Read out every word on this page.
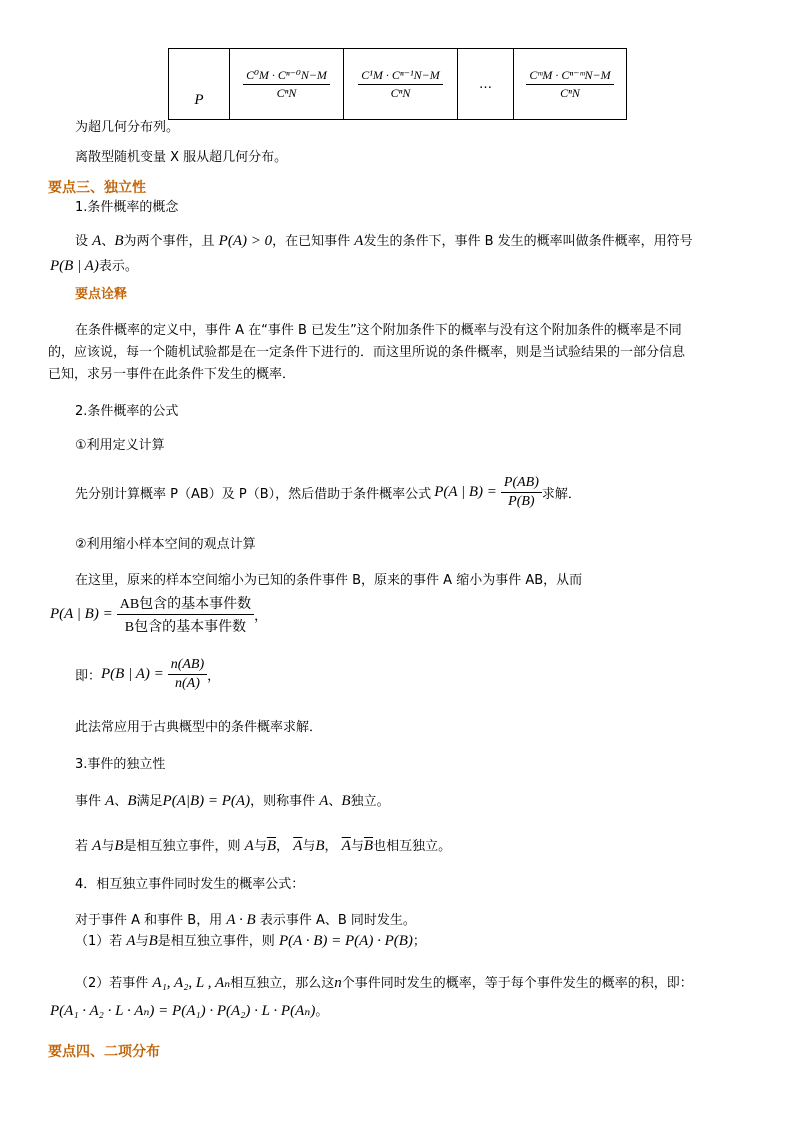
P	$\frac{\text{C⁰M · Cⁿ⁻⁰N−M}}{\text{CⁿN}}$	$\frac{\text{C¹M · Cⁿ⁻¹N−M}}{\text{CⁿN}}$	…	$\frac{\text{CᵐM · Cⁿ⁻ᵐN−M}}{\text{CⁿN}}$
为超几何分布列。
离散型随机变量 X 服从超几何分布。
要点三、独立性
1.条件概率的概念
设 A、B为两个事件，且 P(A) > 0，在已知事件 A发生的条件下，事件 B 发生的概率叫做条件概率，用符号
P(B | A)表示。
要点诠释
在条件概率的定义中，事件 A 在“事件 B 已发生”这个附加条件下的概率与没有这个附加条件的概率是不同
的，应该说，每一个随机试验都是在一定条件下进行的．而这里所说的条件概率，则是当试验结果的一部分信息
已知，求另一事件在此条件下发生的概率．
2.条件概率的公式
①利用定义计算
先分别计算概率 P（AB）及 P（B），然后借助于条件概率公式 P(A | $B) = \frac{P(AB)}{P(B)}$ 求解．
②利用缩小样本空间的观点计算
在这里，原来的样本空间缩小为已知的条件事件 B，原来的事件 A 缩小为事件 AB，从而
P(A | $B) = \frac{\text{AB包含的基本事件数}}{\text{B包含的基本事件数}}$ ，
即： P(B | $A) = \frac{n(AB)}{n(A)}$ ，
此法常应用于古典概型中的条件概率求解．
3.事件的独立性
事件 A、B满足P(A|B) = P(A)，则称事件 A、B独立。
若 A与B是相互独立事件，则 A与$\overline{B}$， $\overline{A}$与B， $\overline{A}$与$\overline{B}$也相互独立。
4．相互独立事件同时发生的概率公式：
对于事件 A 和事件 B，用 A · B 表示事件 A、B 同时发生。
（1）若 A与B是相互独立事件，则 P(A · B) = P(A) · P(B)；
（2）若事件 A₁, A₂, L , Aₙ相互独立，那么这n个事件同时发生的概率，等于每个事件发生的概率的积，即：
P(A₁ · A₂ · L · Aₙ) = P(A₁) · P(A₂) · L · P(Aₙ)。
要点四、二项分布
